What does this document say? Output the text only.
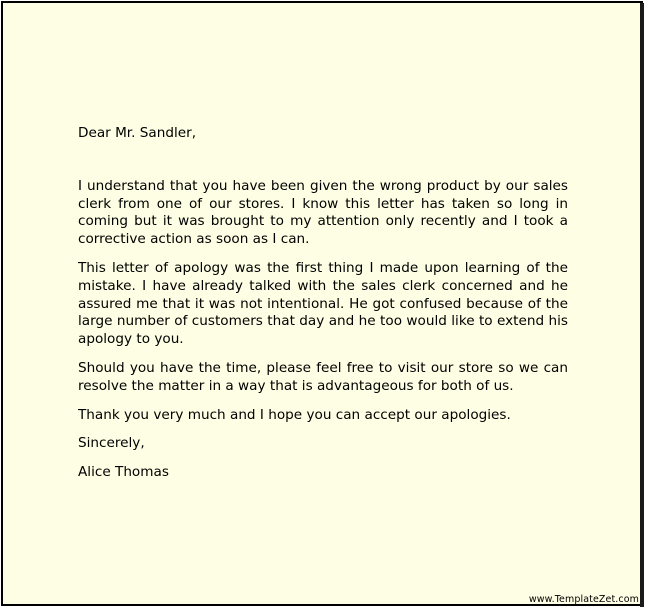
Dear Mr. Sandler,

I understand that you have been given the wrong product by our sales clerk from one of our stores. I know this letter has taken so long in coming but it was brought to my attention only recently and I took a corrective action as soon as I can.

This letter of apology was the first thing I made upon learning of the mistake. I have already talked with the sales clerk concerned and he assured me that it was not intentional. He got confused because of the large number of customers that day and he too would like to extend his apology to you.

Should you have the time, please feel free to visit our store so we can resolve the matter in a way that is advantageous for both of us.

Thank you very much and I hope you can accept our apologies.

Sincerely,

Alice Thomas

www.TemplateZet.com
